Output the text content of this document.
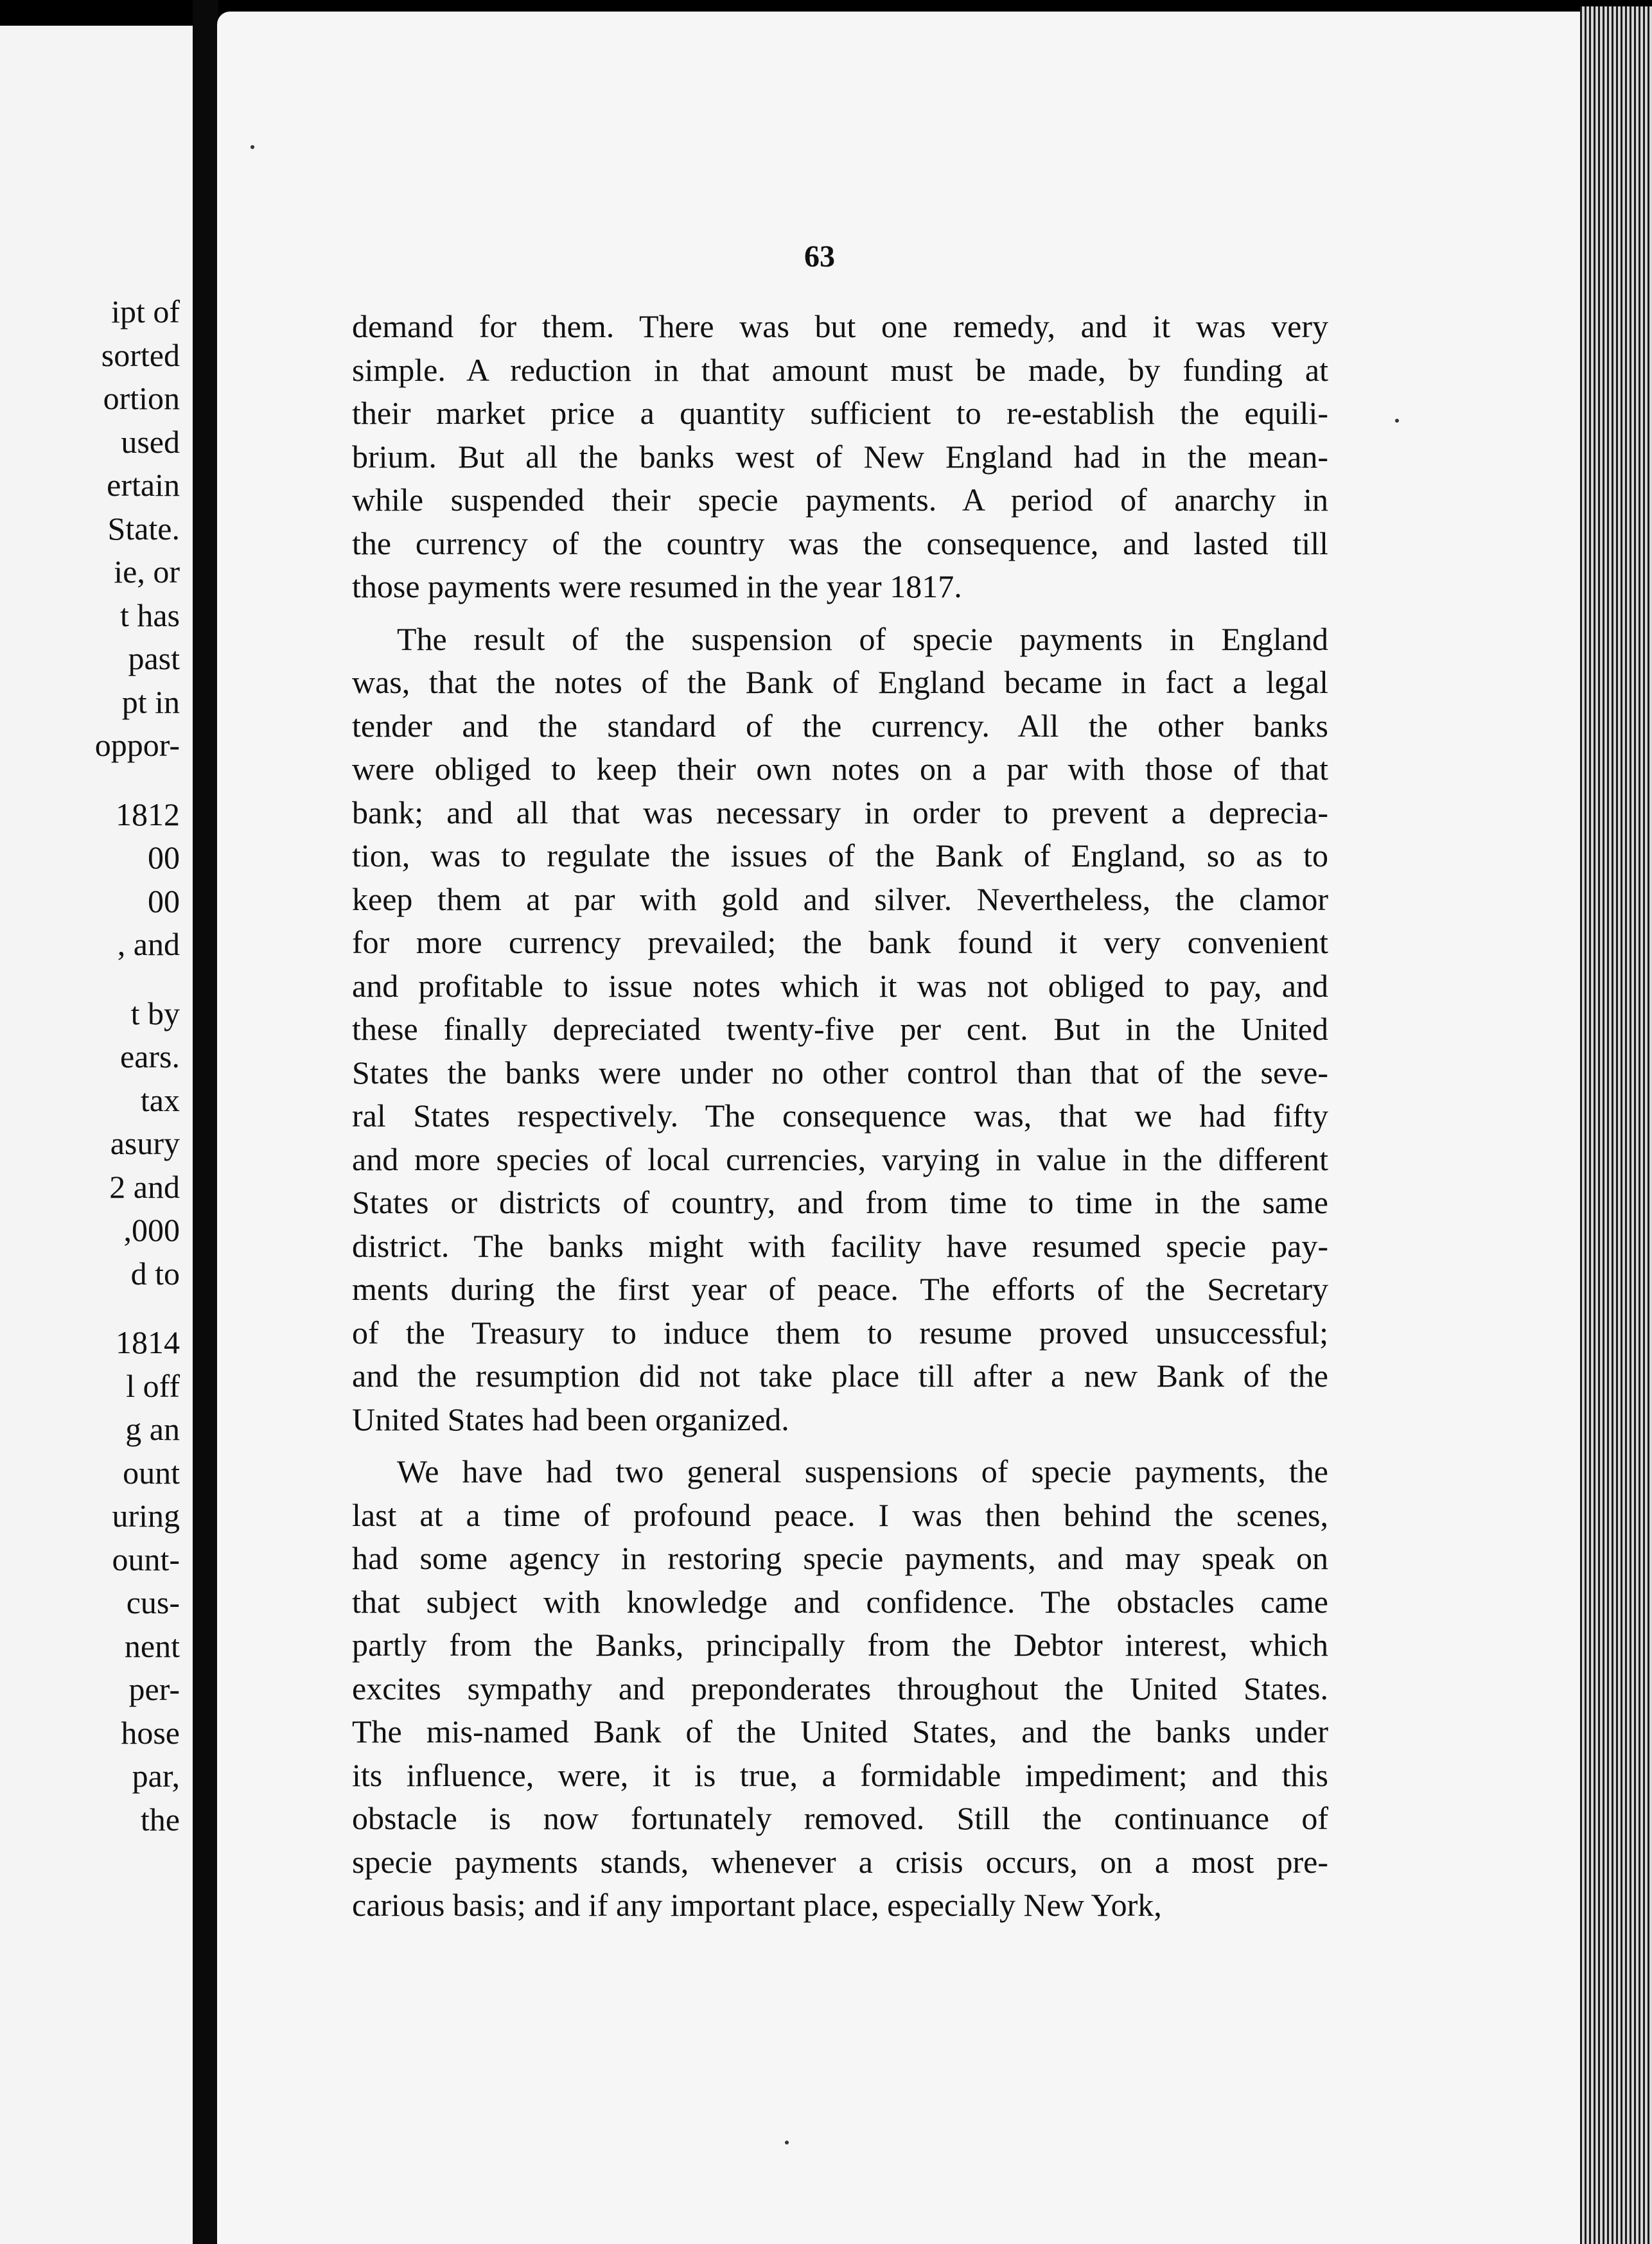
ipt of
sorted
ortion
used
ertain
State.
ie, or
t has
past
pt in
oppor-
1812
00
00
, and
t by
ears.
tax
asury
2 and
,000
d to
1814
l off
g an
ount
uring
ount-
cus-
nent
per-
hose
par,
the
63
demand for them. There was but one remedy, and it was very
simple. A reduction in that amount must be made, by funding at
their market price a quantity sufficient to re-establish the equili-
brium. But all the banks west of New England had in the mean-
while suspended their specie payments. A period of anarchy in
the currency of the country was the consequence, and lasted till
those payments were resumed in the year 1817.
The result of the suspension of specie payments in England
was, that the notes of the Bank of England became in fact a legal
tender and the standard of the currency. All the other banks
were obliged to keep their own notes on a par with those of that
bank; and all that was necessary in order to prevent a deprecia-
tion, was to regulate the issues of the Bank of England, so as to
keep them at par with gold and silver. Nevertheless, the clamor
for more currency prevailed; the bank found it very convenient
and profitable to issue notes which it was not obliged to pay, and
these finally depreciated twenty-five per cent. But in the United
States the banks were under no other control than that of the seve-
ral States respectively. The consequence was, that we had fifty
and more species of local currencies, varying in value in the different
States or districts of country, and from time to time in the same
district. The banks might with facility have resumed specie pay-
ments during the first year of peace. The efforts of the Secretary
of the Treasury to induce them to resume proved unsuccessful;
and the resumption did not take place till after a new Bank of the
United States had been organized.
We have had two general suspensions of specie payments, the
last at a time of profound peace. I was then behind the scenes,
had some agency in restoring specie payments, and may speak on
that subject with knowledge and confidence. The obstacles came
partly from the Banks, principally from the Debtor interest, which
excites sympathy and preponderates throughout the United States.
The mis-named Bank of the United States, and the banks under
its influence, were, it is true, a formidable impediment; and this
obstacle is now fortunately removed. Still the continuance of
specie payments stands, whenever a crisis occurs, on a most pre-
carious basis; and if any important place, especially New York,
